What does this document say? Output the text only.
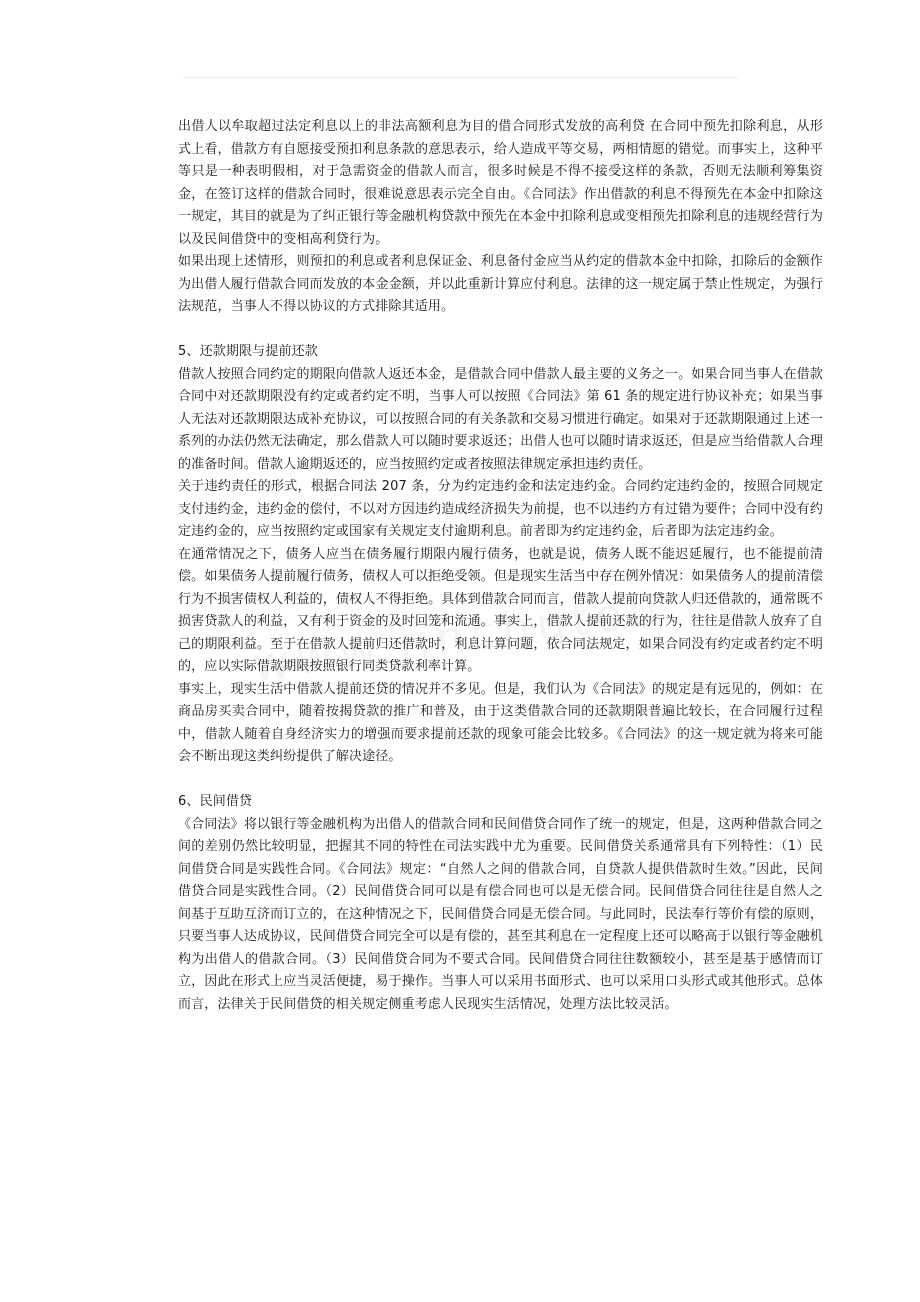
出借人以牟取超过法定利息以上的非法高额利息为目的借合同形式发放的高利贷 在合同中预先扣除利息，从形式上看，借款方有自愿接受预扣利息条款的意思表示，给人造成平等交易，两相情愿的错觉。而事实上，这种平等只是一种表明假相，对于急需资金的借款人而言，很多时候是不得不接受这样的条款，否则无法顺利筹集资金，在签订这样的借款合同时，很难说意思表示完全自由。《合同法》作出借款的利息不得预先在本金中扣除这一规定，其目的就是为了纠正银行等金融机构贷款中预先在本金中扣除利息或变相预先扣除利息的违规经营行为以及民间借贷中的变相高利贷行为。

如果出现上述情形，则预扣的利息或者利息保证金、利息备付金应当从约定的借款本金中扣除，扣除后的金额作为出借人履行借款合同而发放的本金金额，并以此重新计算应付利息。法律的这一规定属于禁止性规定，为强行法规范，当事人不得以协议的方式排除其适用。

5、还款期限与提前还款

借款人按照合同约定的期限向借款人返还本金，是借款合同中借款人最主要的义务之一。如果合同当事人在借款合同中对还款期限没有约定或者约定不明，当事人可以按照《合同法》第 61 条的规定进行协议补充；如果当事人无法对还款期限达成补充协议，可以按照合同的有关条款和交易习惯进行确定。如果对于还款期限通过上述一系列的办法仍然无法确定，那么借款人可以随时要求返还；出借人也可以随时请求返还，但是应当给借款人合理的准备时间。借款人逾期返还的，应当按照约定或者按照法律规定承担违约责任。

关于违约责任的形式，根据合同法 207 条，分为约定违约金和法定违约金。合同约定违约金的，按照合同规定支付违约金，违约金的偿付，不以对方因违约造成经济损失为前提，也不以违约方有过错为要件；合同中没有约定违约金的，应当按照约定或国家有关规定支付逾期利息。前者即为约定违约金，后者即为法定违约金。

在通常情况之下，债务人应当在债务履行期限内履行债务，也就是说，债务人既不能迟延履行，也不能提前清偿。如果债务人提前履行债务，债权人可以拒绝受领。但是现实生活当中存在例外情况：如果债务人的提前清偿行为不损害债权人利益的，债权人不得拒绝。具体到借款合同而言，借款人提前向贷款人归还借款的，通常既不损害贷款人的利益，又有利于资金的及时回笼和流通。事实上，借款人提前还款的行为，往往是借款人放弃了自己的期限利益。至于在借款人提前归还借款时，利息计算问题，依合同法规定，如果合同没有约定或者约定不明的，应以实际借款期限按照银行同类贷款利率计算。

事实上，现实生活中借款人提前还贷的情况并不多见。但是，我们认为《合同法》的规定是有远见的，例如：在商品房买卖合同中，随着按揭贷款的推广和普及，由于这类借款合同的还款期限普遍比较长，在合同履行过程中，借款人随着自身经济实力的增强而要求提前还款的现象可能会比较多。《合同法》的这一规定就为将来可能会不断出现这类纠纷提供了解决途径。

6、民间借贷

《合同法》将以银行等金融机构为出借人的借款合同和民间借贷合同作了统一的规定，但是，这两种借款合同之间的差别仍然比较明显，把握其不同的特性在司法实践中尤为重要。民间借贷关系通常具有下列特性：（1）民间借贷合同是实践性合同。《合同法》规定：“自然人之间的借款合同，自贷款人提供借款时生效。”因此，民间借贷合同是实践性合同。（2）民间借贷合同可以是有偿合同也可以是无偿合同。民间借贷合同往往是自然人之间基于互助互济而订立的，在这种情况之下，民间借贷合同是无偿合同。与此同时，民法奉行等价有偿的原则，只要当事人达成协议，民间借贷合同完全可以是有偿的，甚至其利息在一定程度上还可以略高于以银行等金融机构为出借人的借款合同。（3）民间借贷合同为不要式合同。民间借贷合同往往数额较小，甚至是基于感情而订立，因此在形式上应当灵活便捷，易于操作。当事人可以采用书面形式、也可以采用口头形式或其他形式。总体而言，法律关于民间借贷的相关规定侧重考虑人民现实生活情况，处理方法比较灵活。
